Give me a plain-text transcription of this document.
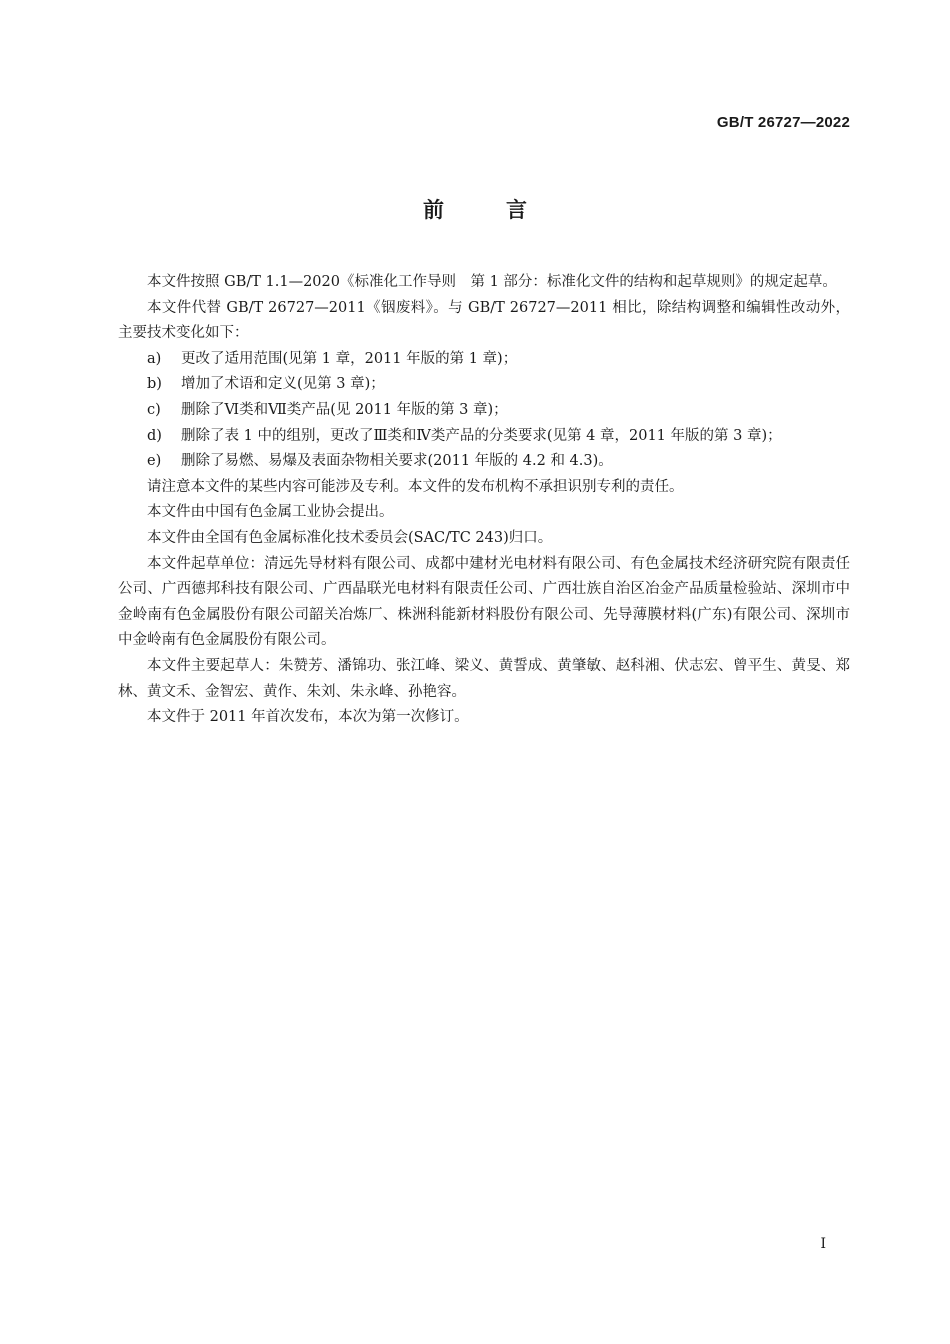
GB/T 26727—2022
前言

本文件按照 GB/T 1.1—2020《标准化工作导则　第 1 部分：标准化文件的结构和起草规则》的规定起草。

本文件代替 GB/T 26727—2011《铟废料》。与 GB/T 26727—2011 相比，除结构调整和编辑性改动外，主要技术变化如下：

a) 更改了适用范围(见第 1 章，2011 年版的第 1 章)；
b) 增加了术语和定义(见第 3 章)；
c) 删除了Ⅵ类和Ⅶ类产品(见 2011 年版的第 3 章)；
d) 删除了表 1 中的组别，更改了Ⅲ类和Ⅳ类产品的分类要求(见第 4 章，2011 年版的第 3 章)；
e) 删除了易燃、易爆及表面杂物相关要求(2011 年版的 4.2 和 4.3)。

请注意本文件的某些内容可能涉及专利。本文件的发布机构不承担识别专利的责任。

本文件由中国有色金属工业协会提出。

本文件由全国有色金属标准化技术委员会(SAC/TC 243)归口。

本文件起草单位：清远先导材料有限公司、成都中建材光电材料有限公司、有色金属技术经济研究院有限责任公司、广西德邦科技有限公司、广西晶联光电材料有限责任公司、广西壮族自治区冶金产品质量检验站、深圳市中金岭南有色金属股份有限公司韶关冶炼厂、株洲科能新材料股份有限公司、先导薄膜材料(广东)有限公司、深圳市中金岭南有色金属股份有限公司。

本文件主要起草人：朱赞芳、潘锦功、张江峰、梁义、黄誓成、黄肇敏、赵科湘、伏志宏、曾平生、黄旻、郑林、黄文禾、金智宏、黄作、朱刘、朱永峰、孙艳容。

本文件于 2011 年首次发布，本次为第一次修订。

I
